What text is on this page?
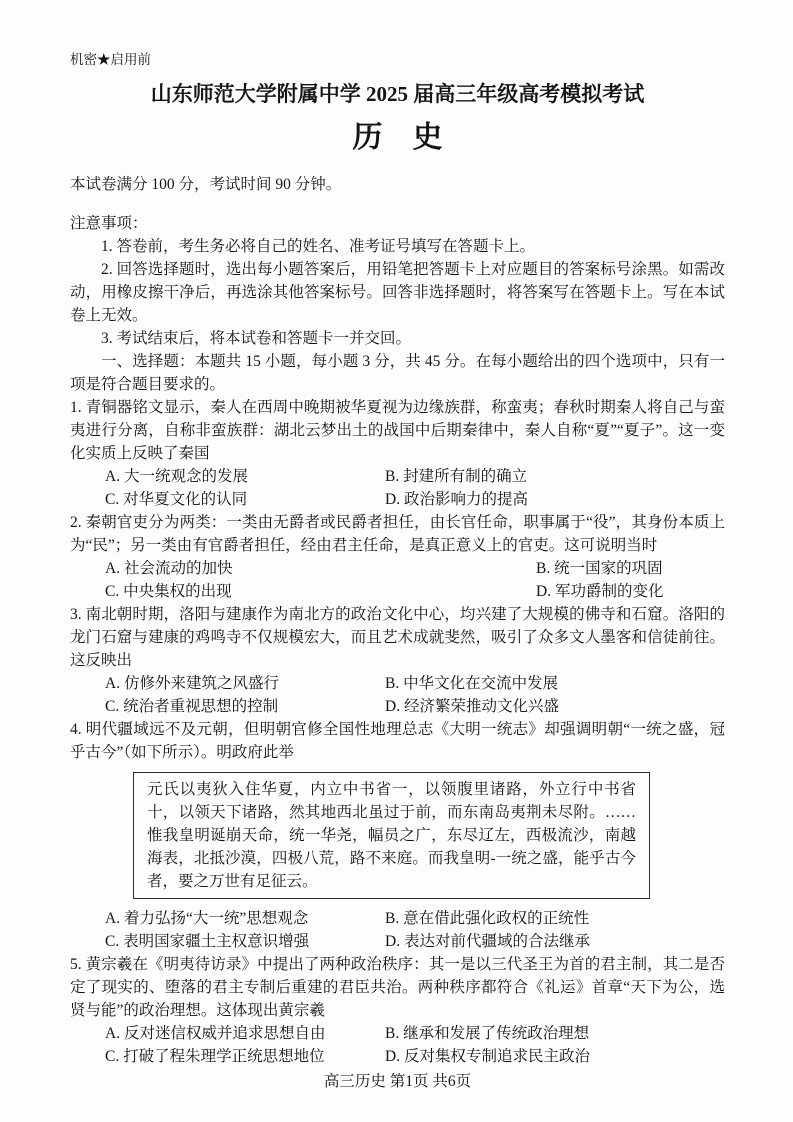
机密★启用前

山东师范大学附属中学 2025 届高三年级高考模拟考试
历　史

本试卷满分 100 分，考试时间 90 分钟。

注意事项：

1. 答卷前，考生务必将自己的姓名、准考证号填写在答题卡上。

2. 回答选择题时，选出每小题答案后，用铅笔把答题卡上对应题目的答案标号涂黑。如需改动，用橡皮擦干净后，再选涂其他答案标号。回答非选择题时，将答案写在答题卡上。写在本试卷上无效。

3. 考试结束后，将本试卷和答题卡一并交回。

一、选择题：本题共 15 小题，每小题 3 分，共 45 分。在每小题给出的四个选项中，只有一项是符合题目要求的。

1. 青铜器铭文显示，秦人在西周中晚期被华夏视为边缘族群，称蛮夷；春秋时期秦人将自己与蛮夷进行分离，自称非蛮族群：湖北云梦出土的战国中后期秦律中，秦人自称“夏”“夏子”。这一变化实质上反映了秦国

A. 大一统观念的发展	B. 封建所有制的确立
C. 对华夏文化的认同	D. 政治影响力的提高

2. 秦朝官吏分为两类：一类由无爵者或民爵者担任，由长官任命，职事属于“役”，其身份本质上为“民”；另一类由有官爵者担任，经由君主任命，是真正意义上的官吏。这可说明当时

A. 社会流动的加快	B. 统一国家的巩固
C. 中央集权的出现	D. 军功爵制的变化

3. 南北朝时期，洛阳与建康作为南北方的政治文化中心，均兴建了大规模的佛寺和石窟。洛阳的龙门石窟与建康的鸡鸣寺不仅规模宏大，而且艺术成就斐然，吸引了众多文人墨客和信徒前往。这反映出

A. 仿修外来建筑之风盛行	B. 中华文化在交流中发展
C. 统治者重视思想的控制	D. 经济繁荣推动文化兴盛

4. 明代疆域远不及元朝，但明朝官修全国性地理总志《大明一统志》却强调明朝“一统之盛，冠乎古今”（如下所示）。明政府此举

元氏以夷狄入住华夏，内立中书省一，以领腹里诸路，外立行中书省十，以领天下诸路，然其地西北虽过于前，而东南岛夷荆未尽附。……惟我皇明诞崩天命，统一华尧，幅员之广，东尽辽左，西极流沙，南越海表，北抵沙漠，四极八荒，路不来庭。而我皇明-一统之盛，能乎古今者，要之万世有足征云。

A. 着力弘扬“大一统”思想观念	B. 意在借此强化政权的正统性
C. 表明国家疆土主权意识增强	D. 表达对前代疆域的合法继承

5. 黄宗羲在《明夷待访录》中提出了两种政治秩序：其一是以三代圣王为首的君主制，其二是否定了现实的、堕落的君主专制后重建的君臣共治。两种秩序都符合《礼运》首章“天下为公，选贤与能”的政治理想。这体现出黄宗羲

A. 反对迷信权威并追求思想自由	B. 继承和发展了传统政治理想
C. 打破了程朱理学正统思想地位	D. 反对集权专制追求民主政治
高三历史 第1页 共6页
